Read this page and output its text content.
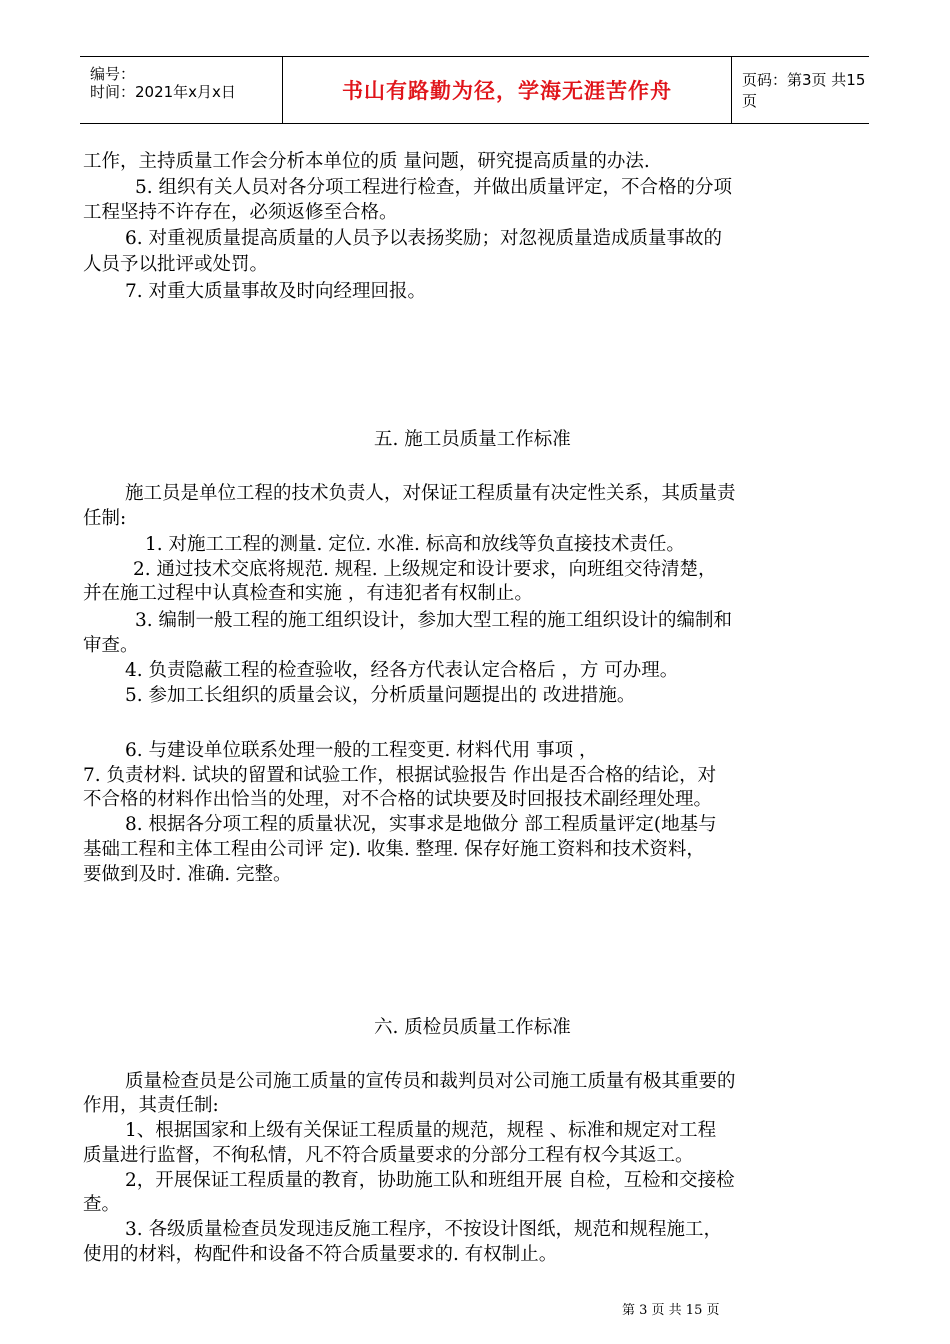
编号：
时间：2021年x月x日	书山有路勤为径，学海无涯苦作舟	页码：第3页 共15页
工作，主持质量工作会分析本单位的质 量问题，研究提高质量的办法.
5. 组织有关人员对各分项工程进行检查，并做出质量评定，不合格的分项
工程坚持不许存在，必须返修至合格。
6. 对重视质量提高质量的人员予以表扬奖励；对忽视质量造成质量事故的
人员予以批评或处罚。
7. 对重大质量事故及时向经理回报。
五. 施工员质量工作标准
施工员是单位工程的技术负责人，对保证工程质量有决定性关系，其质量责
任制:
1. 对施工工程的测量. 定位. 水准. 标高和放线等负直接技术责任。
2. 通过技术交底将规范. 规程. 上级规定和设计要求，向班组交待清楚，
并在施工过程中认真检查和实施 ，有违犯者有权制止。
3. 编制一般工程的施工组织设计，参加大型工程的施工组织设计的编制和
审查。
4. 负责隐蔽工程的检查验收，经各方代表认定合格后 ，方 可办理。
5. 参加工长组织的质量会议，分析质量问题提出的 改进措施。
6. 与建设单位联系处理一般的工程变更. 材料代用 事项 ，
7. 负责材料. 试块的留置和试验工作，根据试验报告 作出是否合格的结论，对
不合格的材料作出恰当的处理，对不合格的试块要及时回报技术副经理处理。
8. 根据各分项工程的质量状况，实事求是地做分 部工程质量评定(地基与
基础工程和主体工程由公司评 定). 收集. 整理. 保存好施工资料和技术资料，
要做到及时. 准确. 完整。
六. 质检员质量工作标准
质量检查员是公司施工质量的宣传员和裁判员对公司施工质量有极其重要的
作用，其责任制:
1、根据国家和上级有关保证工程质量的规范，规程 、标准和规定对工程
质量进行监督，不徇私情，凡不符合质量要求的分部分工程有权今其返工。
2，开展保证工程质量的教育，协助施工队和班组开展 自检，互检和交接检
查。
3. 各级质量检查员发现违反施工程序，不按设计图纸，规范和规程施工，
使用的材料，构配件和设备不符合质量要求的. 有权制止。
第 3 页 共 15 页
